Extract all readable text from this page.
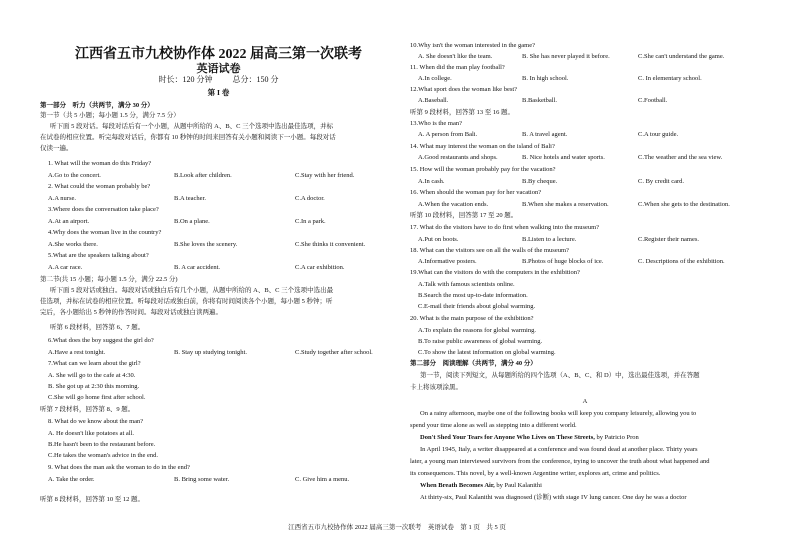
江西省五市九校协作体 2022 届高三第一次联考
时长：120 分钟	总分：150 分
英语试卷
第 I 卷
第一部分　听力（共两节，满分 30 分）
第一节（共 5 小题；每小题 1.5 分，满分 7.5 分）
听下面 5 段对话。每段对话后有一个小题，从题中所给的 A、B、C 三个选项中选出最佳选项，并标
在试卷的相应位置。听完每段对话后，你都有 10 秒钟的时间来回答有关小题和阅读下一小题。每段对话
仅读一遍。
1. What will the woman do this Friday?
A.Go to the concert.	B.Look after children.	C.Stay with her friend.
2. What could the woman probably be?
A.A nurse.	B.A teacher.	C.A doctor.
3.Where does the conversation take place?
A.At an airport.	B.On a plane.	C.In a park.
4.Why does the woman live in the country?
A.She works there.	B.She loves the scenery.	C.She thinks it convenient.
5.What are the speakers talking about?
A.A car race.	B. A car accident.	C.A car exhibition.
第二节(共 15 小题；每小题 1.5 分，满分 22.5 分)
听下面 5 段对话或独白。每段对话或独白后有几个小题，从题中所给的 A、B、C 三个选项中选出最
佳选项，并标在试卷的相应位置。听每段对话或独白前，你将有时间阅读各个小题，每小题 5 秒钟；听
完后，各小题给出 5 秒钟的作答时间。每段对话或独白读两遍。
听第 6 段材料，回答第 6、7 题。
6.What does the boy suggest the girl do?
A.Have a rest tonight.	B. Stay up studying tonight.	C.Study together after school.
7.What can we learn about the girl?
A. She will go to the cafe at 4:30.
B. She got up at 2:30 this morning.
C.She will go home first after school.
听第 7 段材料，回答第 8、9 题。
8. What do we know about the man?
A. He doesn't like potatoes at all.
B.He hasn't been to the restaurant before.
C.He takes the woman's advice in the end.
9. What does the man ask the woman to do in the end?
A. Take the order.	B. Bring some water.	C. Give him a menu.
听第 8 段材料，回答第 10 至 12 题。
10.Why isn't the woman interested in the game?
A. She doesn't like the team.	B. She has never played it before.	C.She can't understand the game.
11. When did the man play football?
A.In college.	B. In high school.	C. In elementary school.
12.What sport does the woman like best?
A.Baseball.	B.Basketball.	C.Football.
听第 9 段材料，回答第 13 至 16 题。
13.Who is the man?
A. A person from Bali.	B. A travel agent.	C.A tour guide.
14. What may interest the woman on the island of Bali?
A.Good restaurants and shops.	B. Nice hotels and water sports.	C.The weather and the sea view.
15. How will the woman probably pay for the vacation?
A.In cash.	B.By cheque.	C. By credit card.
16. When should the woman pay for her vacation?
A.When the vacation ends.	B.When she makes a reservation.	C.When she gets to the destination.
听第 10 段材料，回答第 17 至 20 题。
17. What do the visitors have to do first when walking into the museum?
A.Put on boots.	B.Listen to a lecture.	C.Register their names.
18. What can the visitors see on all the walls of the museum?
A.Informative posters.	B.Photos of huge blocks of ice.	C. Descriptions of the exhibition.
19.What can the visitors do with the computers in the exhibition?
A.Talk with famous scientists online.
B.Search the most up-to-date information.
C.E-mail their friends about global warming.
20. What is the main purpose of the exhibition?
A.To explain the reasons for global warming.
B.To raise public awareness of global warming.
C.To show the latest information on global warming.
第二部分　阅读理解（共两节，满分 40 分）
第一节，阅读下列短文，从每题所给的四个选项（A、B、C、和 D）中，选出最佳选项，并在答题
卡上将该项涂黑。
A
On a rainy afternoon, maybe one of the following books will keep you company leisurely, allowing you to
spend your time alone as well as stepping into a different world.
Don't Shed Your Tears for Anyone Who Lives on These Streets, by Patricio Pron
In April 1945, Italy, a writer disappeared at a conference and was found dead at another place. Thirty years
later, a young man interviewed survivors from the conference, trying to uncover the truth about what happened and
its consequences. This novel, by a well-known Argentine writer, explores art, crime and politics.
When Breath Becomes Air, by Paul Kalanithi
At thirty-six, Paul Kalanithi was diagnosed (诊断) with stage IV lung cancer. One day he was a doctor
江西省五市九校协作体 2022 届高三第一次联考　英语试卷　第 1 页　共 5 页
